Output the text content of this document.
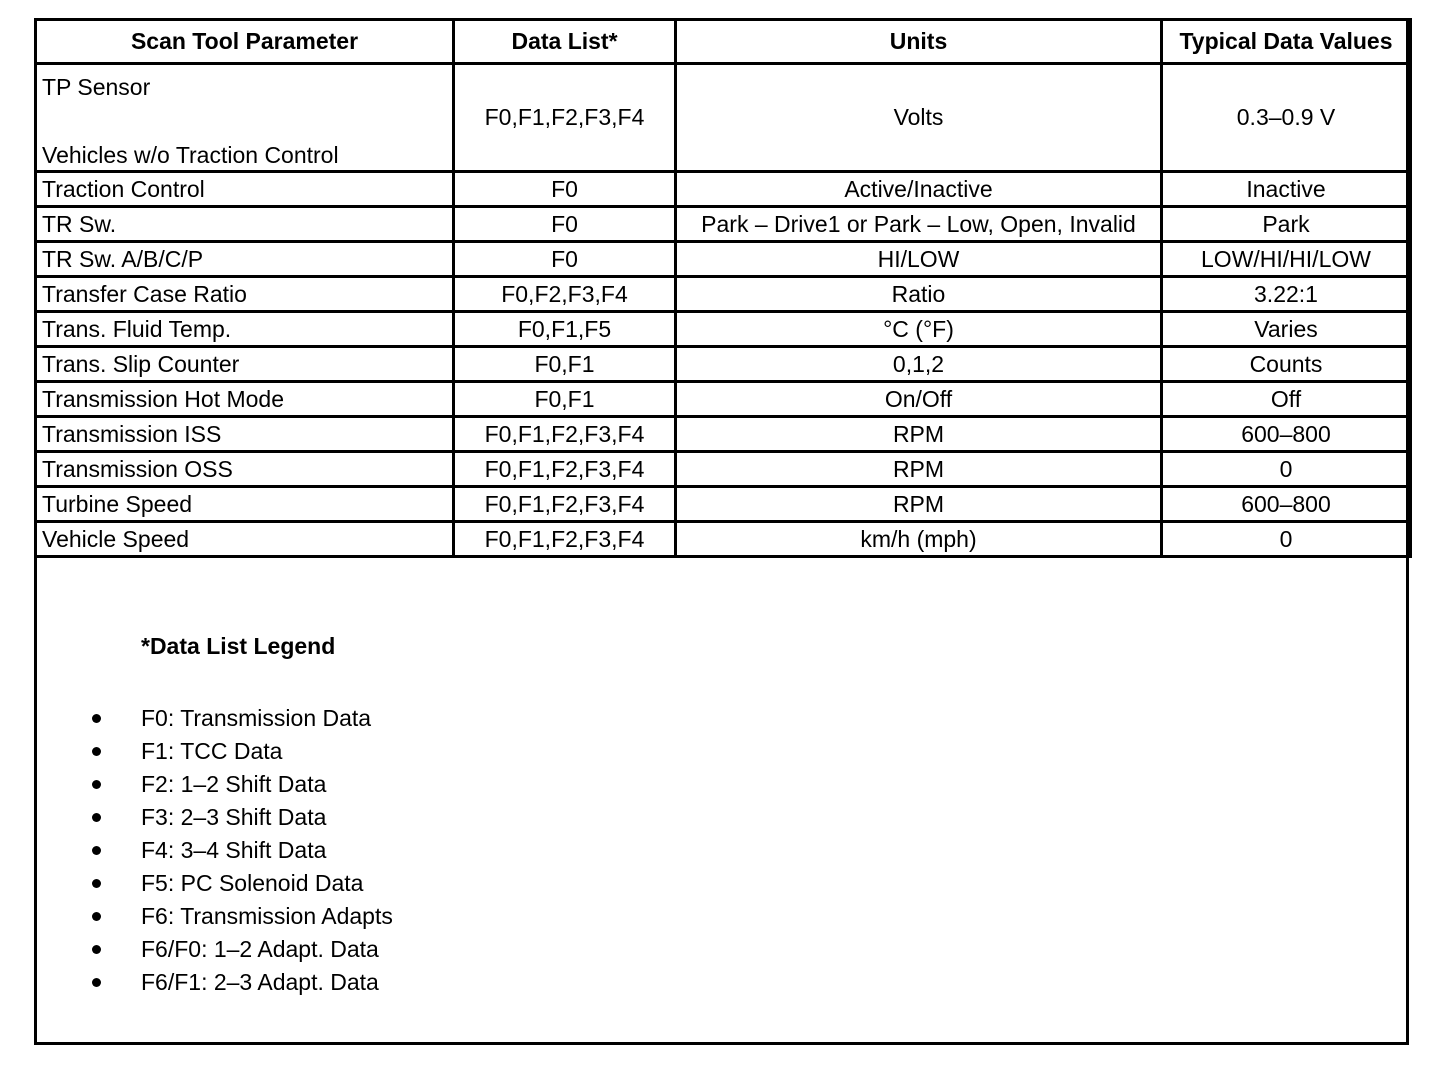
Scan Tool Parameter	Data List*	Units	Typical Data Values

TP Sensor
Vehicles w/o Traction Control	F0,F1,F2,F3,F4	Volts	0.3–0.9 V
Traction Control	F0	Active/Inactive	Inactive
TR Sw.	F0	Park – Drive1 or Park – Low, Open, Invalid	Park
TR Sw. A/B/C/P	F0	HI/LOW	LOW/HI/HI/LOW
Transfer Case Ratio	F0,F2,F3,F4	Ratio	3.22:1
Trans. Fluid Temp.	F0,F1,F5	°C (°F)	Varies
Trans. Slip Counter	F0,F1	0,1,2	Counts
Transmission Hot Mode	F0,F1	On/Off	Off
Transmission ISS	F0,F1,F2,F3,F4	RPM	600–800
Transmission OSS	F0,F1,F2,F3,F4	RPM	0
Turbine Speed	F0,F1,F2,F3,F4	RPM	600–800
Vehicle Speed	F0,F1,F2,F3,F4	km/h (mph)	0
*Data List Legend
F0: Transmission Data
F1: TCC Data
F2: 1–2 Shift Data
F3: 2–3 Shift Data
F4: 3–4 Shift Data
F5: PC Solenoid Data
F6: Transmission Adapts
F6/F0: 1–2 Adapt. Data
F6/F1: 2–3 Adapt. Data
